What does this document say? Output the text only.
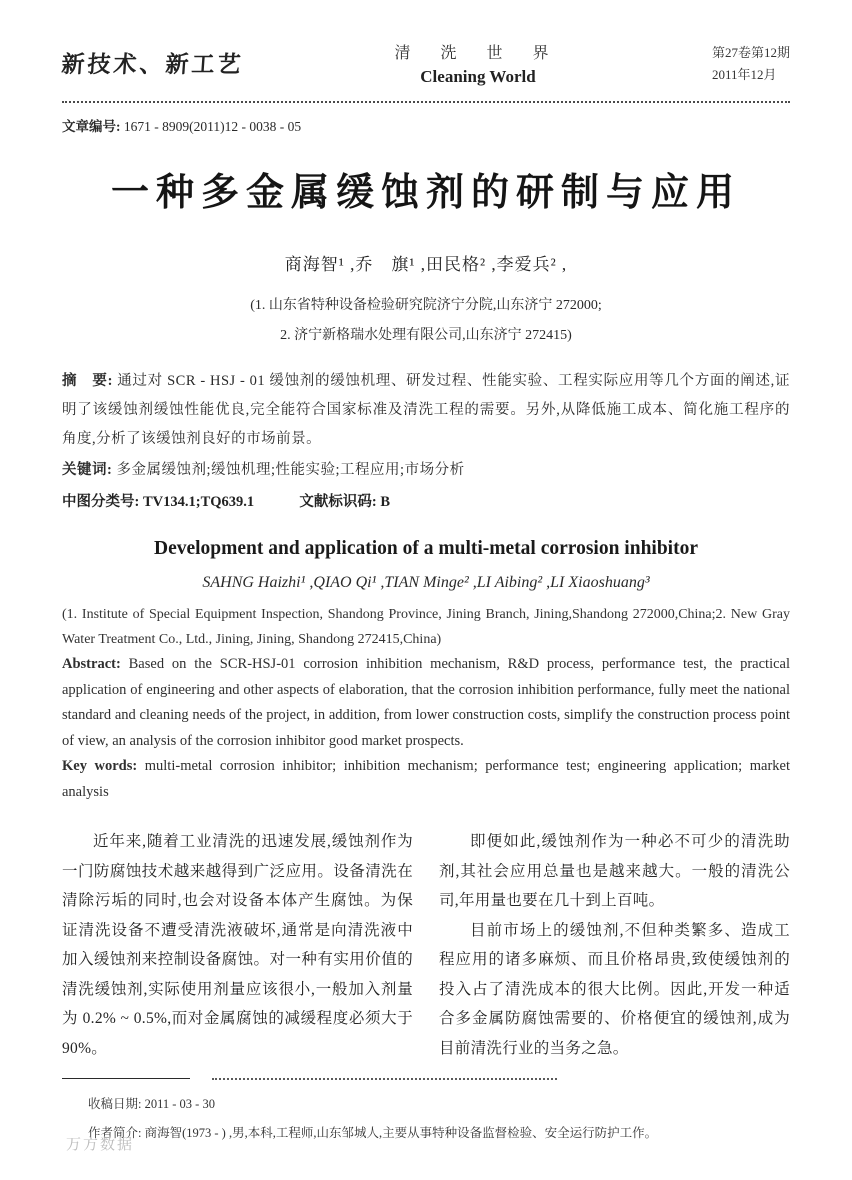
新技术、新工艺	清 洗 世 界
Cleaning World
第27卷第12期
2011年12月
文章编号: 1671 - 8909(2011)12 - 0038 - 05
一种多金属缓蚀剂的研制与应用
商海智¹ ,乔　旗¹ ,田民格² ,李爱兵² ,
(1. 山东省特种设备检验研究院济宁分院,山东济宁 272000;
2. 济宁新格瑞水处理有限公司,山东济宁 272415)
摘　要: 通过对 SCR - HSJ - 01 缓蚀剂的缓蚀机理、研发过程、性能实验、工程实际应用等几个方面的阐述,证明了该缓蚀剂缓蚀性能优良,完全能符合国家标准及清洗工程的需要。另外,从降低施工成本、简化施工程序的角度,分析了该缓蚀剂良好的市场前景。
关键词: 多金属缓蚀剂;缓蚀机理;性能实验;工程应用;市场分析
中图分类号: TV134.1;TQ639.1	文献标识码: B
Development and application of a multi-metal corrosion inhibitor
SAHNG Haizhi¹ ,QIAO Qi¹ ,TIAN Minge² ,LI Aibing² ,LI Xiaoshuang³
(1. Institute of Special Equipment Inspection, Shandong Province, Jining Branch, Jining,Shandong 272000,China;2. New Gray Water Treatment Co., Ltd., Jining, Jining, Shandong 272415,China)
Abstract: Based on the SCR-HSJ-01 corrosion inhibition mechanism, R&D process, performance test, the practical application of engineering and other aspects of elaboration, that the corrosion inhibition performance, fully meet the national standard and cleaning needs of the project, in addition, from lower construction costs, simplify the construction process point of view, an analysis of the corrosion inhibitor good market prospects.
Key words: multi-metal corrosion inhibitor; inhibition mechanism; performance test; engineering application; market analysis

近年来,随着工业清洗的迅速发展,缓蚀剂作为一门防腐蚀技术越来越得到广泛应用。设备清洗在清除污垢的同时,也会对设备本体产生腐蚀。为保证清洗设备不遭受清洗液破坏,通常是向清洗液中加入缓蚀剂来控制设备腐蚀。对一种有实用价值的清洗缓蚀剂,实际使用剂量应该很小,一般加入剂量为 0.2% ~ 0.5%,而对金属腐蚀的减缓程度必须大于 90%。

即便如此,缓蚀剂作为一种必不可少的清洗助剂,其社会应用总量也是越来越大。一般的清洗公司,年用量也要在几十到上百吨。

目前市场上的缓蚀剂,不但种类繁多、造成工程应用的诸多麻烦、而且价格昂贵,致使缓蚀剂的投入占了清洗成本的很大比例。因此,开发一种适合多金属防腐蚀需要的、价格便宜的缓蚀剂,成为目前清洗行业的当务之急。

收稿日期: 2011 - 03 - 30
作者简介: 商海智(1973 - ) ,男,本科,工程师,山东邹城人,主要从事特种设备监督检验、安全运行防护工作。
万方数据
